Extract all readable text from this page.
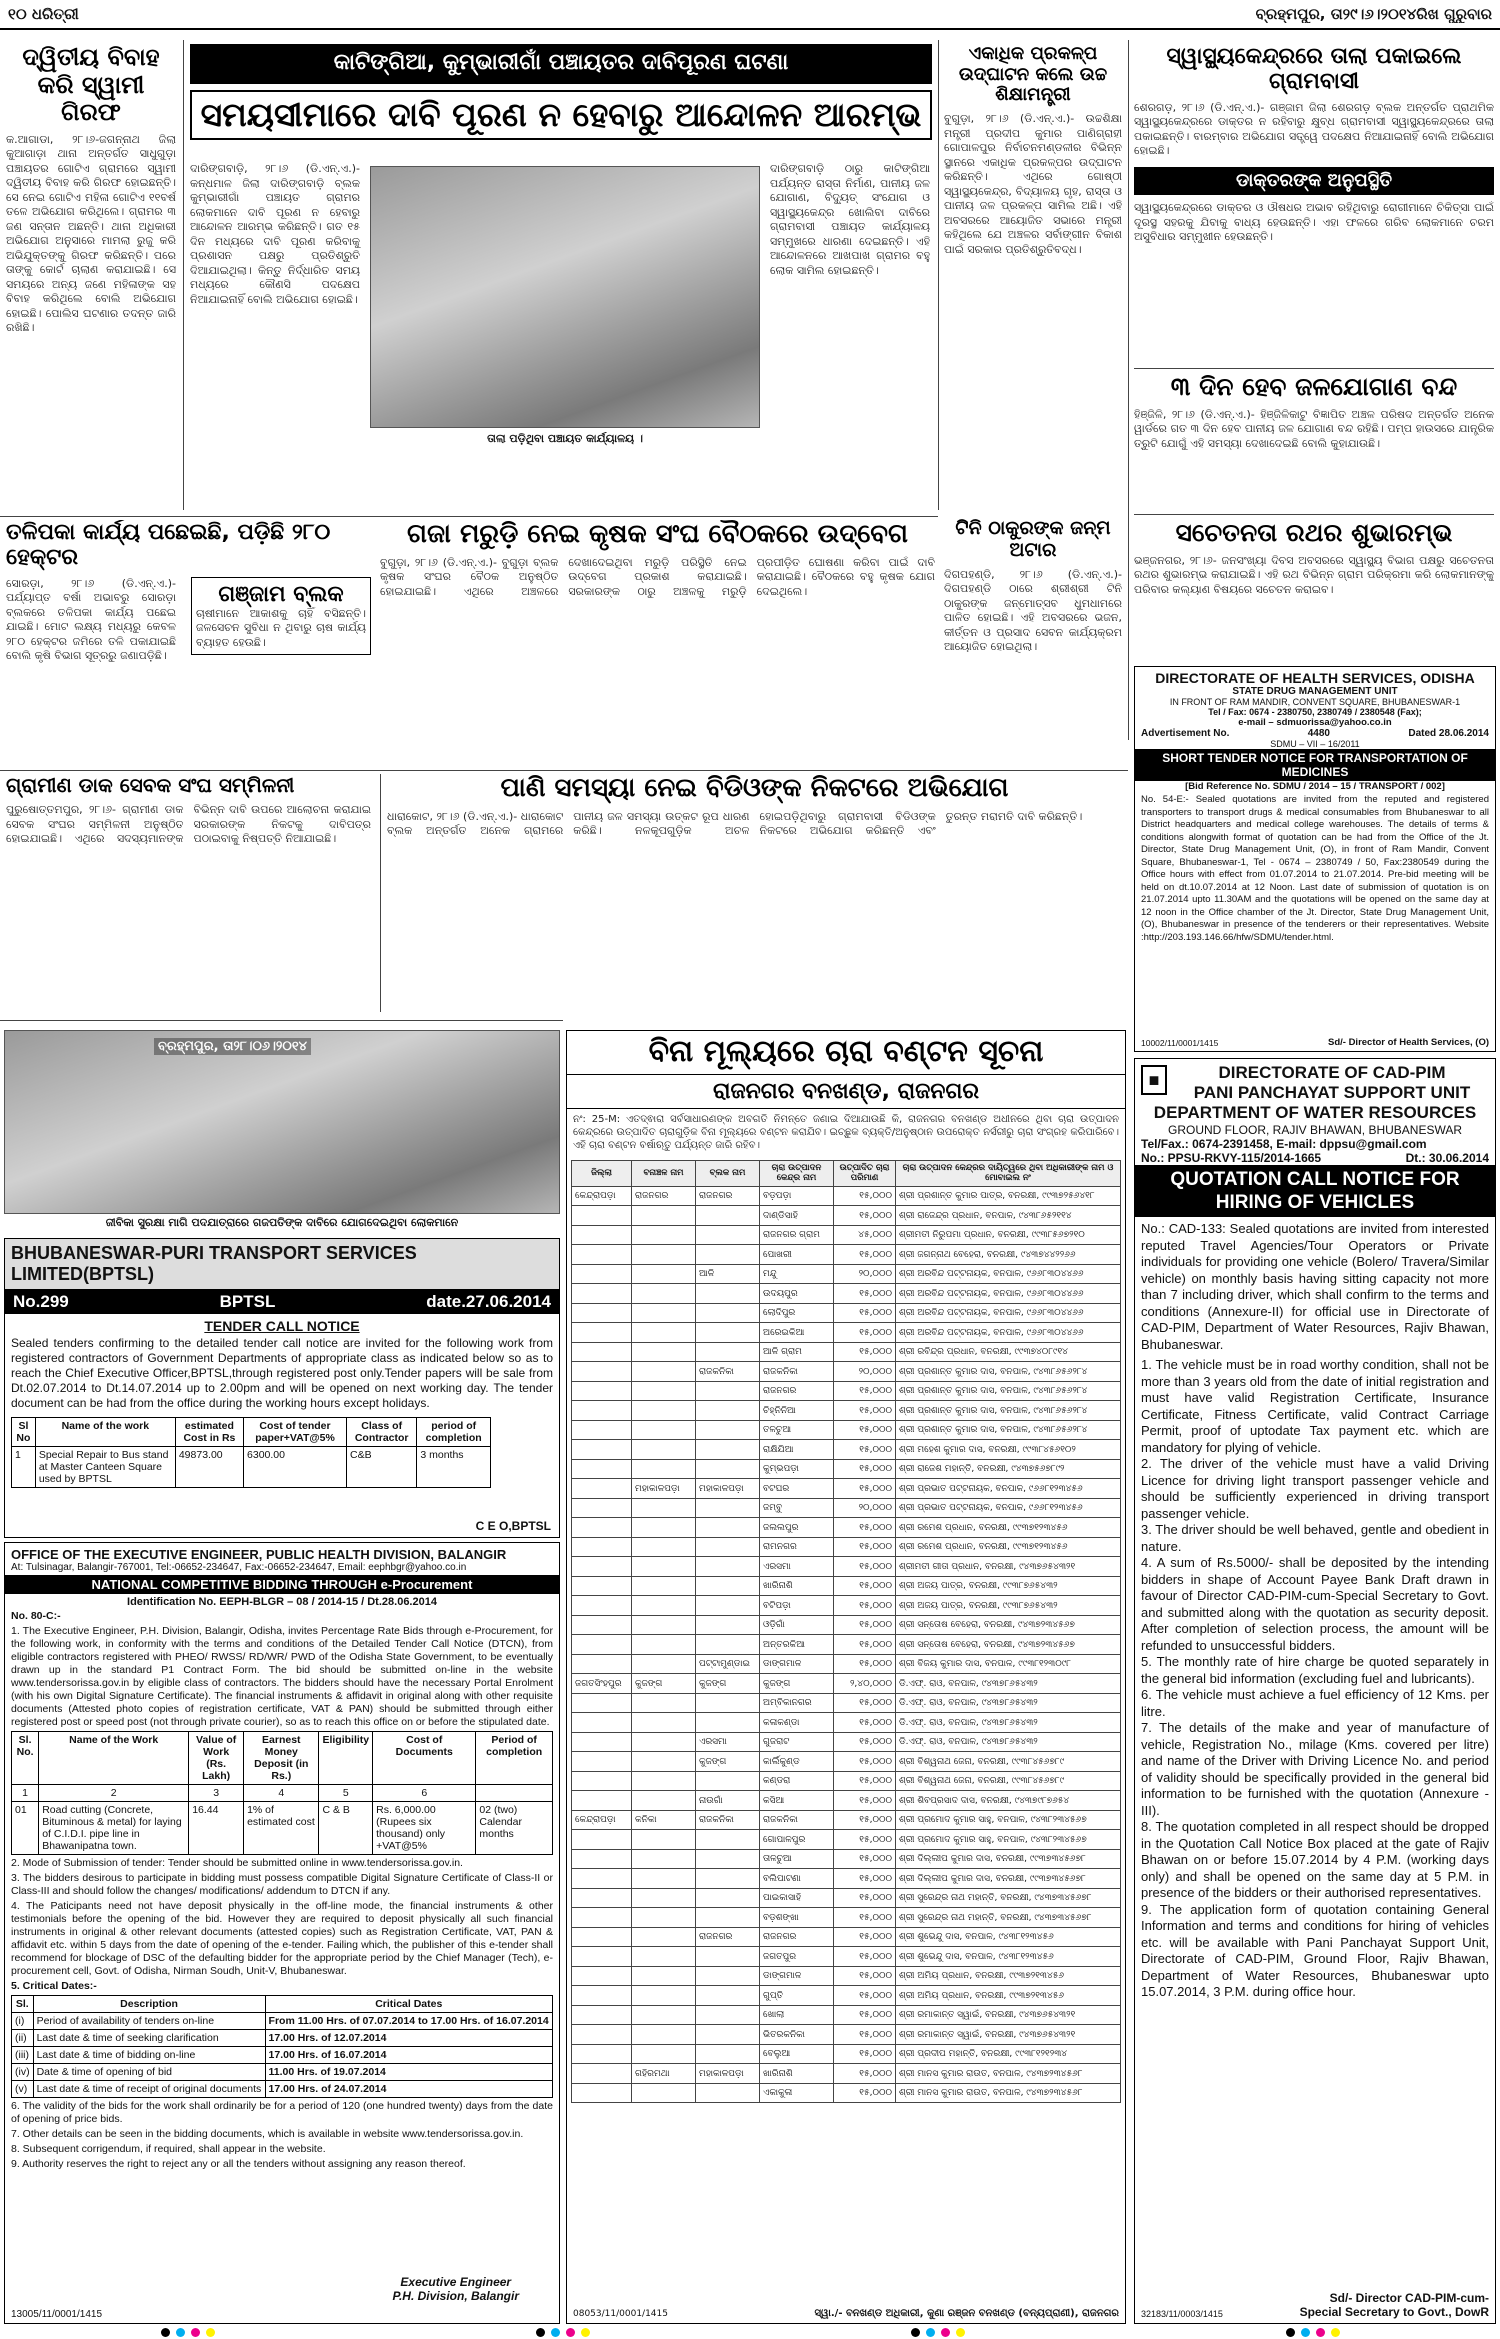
୧୦ ଧରିତ୍ରୀ	ବ୍ରହ୍ମପୁର, ତା୨୯।୬।୨୦୧୪ରିଖ ଗୁରୁବାର
ଦ୍ୱିତୀୟ ବିବାହ କରି ସ୍ୱାମୀ ଗିରଫ
କ.ଆଗାଡା, ୨୮।୬-ଜଗନ୍ନାଥ ଜିଲା କୁଆଗାଡ଼ା ଥାନା ଅନ୍ତର୍ଗତ ସାଧୁଗୁଡ଼ା ପଞ୍ଚାୟତର ଗୋଟିଏ ଗ୍ରାମରେ ସ୍ୱାମୀ ଦ୍ୱିତୀୟ ବିବାହ କରି ଗିରଫ ହୋଇଛନ୍ତି। ସେ ନେଇ ଗୋଟିଏ ମହିଳା ଗୋଟିଏ ୧୧ବର୍ଷ ତଳେ ଅଭିଯୋଗ କରିଥିଲେ। ଗ୍ରାମର ୩ ଜଣ ସନ୍ତାନ ଅଛନ୍ତି। ଥାନା ଅଧିକାରୀ ଅଭିଯୋଗ ଅନୁସାରେ ମାମଲା ରୁଜୁ କରି ଅଭିଯୁକ୍ତଙ୍କୁ ଗିରଫ କରିଛନ୍ତି। ପରେ ତାଙ୍କୁ କୋର୍ଟ ଚାଲାଣ କରାଯାଇଛି। ସେ ସମୟରେ ଅନ୍ୟ ଜଣେ ମହିଳାଙ୍କ ସହ ବିବାହ କରିଥିଲେ ବୋଲି ଅଭିଯୋଗ ହୋଇଛି। ପୋଲିସ ଘଟଣାର ତଦନ୍ତ ଜାରି ରଖିଛି।
କାଟିଙ୍ଗିଆ, କୁମ୍ଭାରୀଗାଁ ପଞ୍ଚାୟତର ଦାବିପୂରଣ ଘଟଣା
ସମୟସୀମାରେ ଦାବି ପୂରଣ ନ ହେବାରୁ ଆନ୍ଦୋଳନ ଆରମ୍ଭ
ଦାରିଙ୍ଗବାଡ଼ି, ୨୮।୬ (ଡି.ଏନ୍.ଏ.)- କନ୍ଧମାଳ ଜିଲା ଦାରିଙ୍ଗବାଡ଼ି ବ୍ଲକ କୁମ୍ଭାରୀଗାଁ ପଞ୍ଚାୟତ ଗ୍ରାମର ଲୋକମାନେ ଦାବି ପୂରଣ ନ ହେବାରୁ ଆନ୍ଦୋଳନ ଆରମ୍ଭ କରିଛନ୍ତି। ଗତ ୧୫ ଦିନ ମଧ୍ୟରେ ଦାବି ପୂରଣ କରିବାକୁ ପ୍ରଶାସନ ପକ୍ଷରୁ ପ୍ରତିଶ୍ରୁତି ଦିଆଯାଇଥିଲା। କିନ୍ତୁ ନିର୍ଦ୍ଧାରିତ ସମୟ ମଧ୍ୟରେ କୌଣସି ପଦକ୍ଷେପ ନିଆଯାଇନାହିଁ ବୋଲି ଅଭିଯୋଗ ହୋଇଛି।
ତାଲା ପଡ଼ିଥିବା ପଞ୍ଚାୟତ କାର୍ଯ୍ୟାଳୟ ।
ଦାରିଙ୍ଗବାଡ଼ି ଠାରୁ କାଟିଙ୍ଗିଆ ପର୍ଯ୍ୟନ୍ତ ରାସ୍ତା ନିର୍ମାଣ, ପାନୀୟ ଜଳ ଯୋଗାଣ, ବିଦ୍ୟୁତ୍ ସଂଯୋଗ ଓ ସ୍ୱାସ୍ଥ୍ୟକେନ୍ଦ୍ର ଖୋଲିବା ଦାବିରେ ଗ୍ରାମବାସୀ ପଞ୍ଚାୟତ କାର୍ଯ୍ୟାଳୟ ସମ୍ମୁଖରେ ଧାରଣା ଦେଇଛନ୍ତି। ଏହି ଆନ୍ଦୋଳନରେ ଆଖପାଖ ଗ୍ରାମର ବହୁ ଲୋକ ସାମିଲ ହୋଇଛନ୍ତି।
ଏକାଧିକ ପ୍ରକଳ୍ପ ଉଦ୍‌ଘାଟନ କଲେ ଉଚ୍ଚ ଶିକ୍ଷାମନ୍ତ୍ରୀ
ବୁଗୁଡ଼ା, ୨୮।୬ (ଡି.ଏନ୍.ଏ.)- ଉଚ୍ଚଶିକ୍ଷା ମନ୍ତ୍ରୀ ପ୍ରଦୀପ କୁମାର ପାଣିଗ୍ରାହୀ ଗୋପାଳପୁର ନିର୍ବାଚନମଣ୍ଡଳୀର ବିଭିନ୍ନ ସ୍ଥାନରେ ଏକାଧିକ ପ୍ରକଳ୍ପର ଉଦ୍‌ଘାଟନ କରିଛନ୍ତି। ଏଥିରେ ଗୋଷ୍ଠୀ ସ୍ୱାସ୍ଥ୍ୟକେନ୍ଦ୍ର, ବିଦ୍ୟାଳୟ ଗୃହ, ରାସ୍ତା ଓ ପାନୀୟ ଜଳ ପ୍ରକଳ୍ପ ସାମିଲ ଅଛି। ଏହି ଅବସରରେ ଆୟୋଜିତ ସଭାରେ ମନ୍ତ୍ରୀ କହିଥିଲେ ଯେ ଅଞ୍ଚଳର ସର୍ବାଙ୍ଗୀନ ବିକାଶ ପାଇଁ ସରକାର ପ୍ରତିଶ୍ରୁତିବଦ୍ଧ।
ଟିନି ଠାକୁରଙ୍କ ଜନ୍ମ ଅଟାର
ଦିଗପହଣ୍ଡି, ୨୮।୬ (ଡି.ଏନ୍.ଏ.)- ଦିଗପହଣ୍ଡି ଠାରେ ଶ୍ରୀଶ୍ରୀ ଟିନି ଠାକୁରଙ୍କ ଜନ୍ମୋତ୍ସବ ଧୁମଧାମରେ ପାଳିତ ହୋଇଛି। ଏହି ଅବସରରେ ଭଜନ, କୀର୍ତ୍ତନ ଓ ପ୍ରସାଦ ସେବନ କାର୍ଯ୍ୟକ୍ରମ ଆୟୋଜିତ ହୋଇଥିଲା।
ସ୍ୱାସ୍ଥ୍ୟକେନ୍ଦ୍ରରେ ତାଲା ପକାଇଲେ ଗ୍ରାମବାସୀ
ଶେରଗଡ଼, ୨୮।୬ (ଡି.ଏନ୍.ଏ.)- ଗଞ୍ଜାମ ଜିଲା ଶେରଗଡ଼ ବ୍ଲକ ଅନ୍ତର୍ଗତ ପ୍ରାଥମିକ ସ୍ୱାସ୍ଥ୍ୟକେନ୍ଦ୍ରରେ ଡାକ୍ତର ନ ରହିବାରୁ କ୍ଷୁବ୍ଧ ଗ୍ରାମବାସୀ ସ୍ୱାସ୍ଥ୍ୟକେନ୍ଦ୍ରରେ ତାଲା ପକାଇଛନ୍ତି। ବାରମ୍ବାର ଅଭିଯୋଗ ସତ୍ତ୍ୱେ ପଦକ୍ଷେପ ନିଆଯାଇନାହିଁ ବୋଲି ଅଭିଯୋଗ ହୋଇଛି।
ଡାକ୍ତରଙ୍କ ଅନୁପସ୍ଥିତି
ସ୍ୱାସ୍ଥ୍ୟକେନ୍ଦ୍ରରେ ଡାକ୍ତର ଓ ଔଷଧର ଅଭାବ ରହିଥିବାରୁ ରୋଗୀମାନେ ଚିକିତ୍ସା ପାଇଁ ଦୂରସ୍ଥ ସହରକୁ ଯିବାକୁ ବାଧ୍ୟ ହେଉଛନ୍ତି। ଏହା ଫଳରେ ଗରିବ ଲୋକମାନେ ଚରମ ଅସୁବିଧାର ସମ୍ମୁଖୀନ ହେଉଛନ୍ତି।
୩ ଦିନ ହେବ ଜଳଯୋଗାଣ ବନ୍ଦ
ହିଞ୍ଜିଳି, ୨୮।୬ (ଡି.ଏନ୍.ଏ.)- ହିଞ୍ଜିଳିକାଟୁ ବିଜ୍ଞାପିତ ଅଞ୍ଚଳ ପରିଷଦ ଅନ୍ତର୍ଗତ ଅନେକ ୱାର୍ଡରେ ଗତ ୩ ଦିନ ହେବ ପାନୀୟ ଜଳ ଯୋଗାଣ ବନ୍ଦ ରହିଛି। ପମ୍ପ ହାଉସରେ ଯାନ୍ତ୍ରିକ ତ୍ରୁଟି ଯୋଗୁଁ ଏହି ସମସ୍ୟା ଦେଖାଦେଇଛି ବୋଲି କୁହାଯାଉଛି।
ସଚେତନତା ରଥର ଶୁଭାରମ୍ଭ
ଭଞ୍ଜନଗର, ୨୮।୬- ଜନସଂଖ୍ୟା ଦିବସ ଅବସରରେ ସ୍ୱାସ୍ଥ୍ୟ ବିଭାଗ ପକ୍ଷରୁ ସଚେତନତା ରଥର ଶୁଭାରମ୍ଭ କରାଯାଇଛି। ଏହି ରଥ ବିଭିନ୍ନ ଗ୍ରାମ ପରିକ୍ରମା କରି ଲୋକମାନଙ୍କୁ ପରିବାର କଲ୍ୟାଣ ବିଷୟରେ ସଚେତନ କରାଇବ।
ତଳିପକା କାର୍ଯ୍ୟ ପଛେଇଛି, ପଡ଼ିଛି ୨୮୦ ହେକ୍ଟର
ସୋରଡ଼ା, ୨୮।୬ (ଡି.ଏନ୍.ଏ.)- ପର୍ଯ୍ୟାପ୍ତ ବର୍ଷା ଅଭାବରୁ ସୋରଡ଼ା ବ୍ଲକରେ ତଳିପକା କାର୍ଯ୍ୟ ପଛେଇ ଯାଇଛି। ମୋଟ ଲକ୍ଷ୍ୟ ମଧ୍ୟରୁ କେବଳ ୨୮୦ ହେକ୍ଟର ଜମିରେ ତଳି ପକାଯାଇଛି ବୋଲି କୃଷି ବିଭାଗ ସୂତ୍ରରୁ ଜଣାପଡ଼ିଛି।
ଗଞ୍ଜାମ ବ୍ଲକ
ଚାଷୀମାନେ ଆକାଶକୁ ଚାହିଁ ବସିଛନ୍ତି। ଜଳସେଚନ ସୁବିଧା ନ ଥିବାରୁ ଚାଷ କାର୍ଯ୍ୟ ବ୍ୟାହତ ହେଉଛି।
ଗଜା ମରୁଡ଼ି ନେଇ କୃଷକ ସଂଘ ବୈଠକରେ ଉଦ୍‌ବେଗ
ବୁଗୁଡ଼ା, ୨୮।୬ (ଡି.ଏନ୍.ଏ.)- ବୁଗୁଡ଼ା ବ୍ଲକ କୃଷକ ସଂଘର ବୈଠକ ଅନୁଷ୍ଠିତ ହୋଇଯାଇଛି। ଏଥିରେ ଅଞ୍ଚଳରେ ଦେଖାଦେଇଥିବା ମରୁଡ଼ି ପରିସ୍ଥିତି ନେଇ ଉଦ୍‌ବେଗ ପ୍ରକାଶ କରାଯାଇଛି। ସରକାରଙ୍କ ଠାରୁ ଅଞ୍ଚଳକୁ ମରୁଡ଼ି ପ୍ରପୀଡ଼ିତ ଘୋଷଣା କରିବା ପାଇଁ ଦାବି କରାଯାଇଛି। ବୈଠକରେ ବହୁ କୃଷକ ଯୋଗ ଦେଇଥିଲେ।
ଗ୍ରାମୀଣ ଡାକ ସେବକ ସଂଘ ସମ୍ମିଳନୀ
ପୁରୁଷୋତ୍ତମପୁର, ୨୮।୬- ଗ୍ରାମୀଣ ଡାକ ସେବକ ସଂଘର ସମ୍ମିଳନୀ ଅନୁଷ୍ଠିତ ହୋଇଯାଇଛି। ଏଥିରେ ସଦସ୍ୟମାନଙ୍କ ବିଭିନ୍ନ ଦାବି ଉପରେ ଆଲୋଚନା କରାଯାଇ ସରକାରଙ୍କ ନିକଟକୁ ଦାବିପତ୍ର ପଠାଇବାକୁ ନିଷ୍ପତ୍ତି ନିଆଯାଇଛି।
ପାଣି ସମସ୍ୟା ନେଇ ବିଡିଓଙ୍କ ନିକଟରେ ଅଭିଯୋଗ
ଧାରାକୋଟ, ୨୮।୬ (ଡି.ଏନ୍.ଏ.)- ଧାରାକୋଟ ବ୍ଲକ ଅନ୍ତର୍ଗତ ଅନେକ ଗ୍ରାମରେ ପାନୀୟ ଜଳ ସମସ୍ୟା ଉତ୍କଟ ରୂପ ଧାରଣ କରିଛି। ନଳକୂପଗୁଡ଼ିକ ଅଚଳ ହୋଇପଡ଼ିଥିବାରୁ ଗ୍ରାମବାସୀ ବିଡିଓଙ୍କ ନିକଟରେ ଅଭିଯୋଗ କରିଛନ୍ତି ଏବଂ ତୁରନ୍ତ ମରାମତି ଦାବି କରିଛନ୍ତି।
ବ୍ରହ୍ମପୁର, ତା୨୮।୦୬।୨୦୧୪
ଜୀବିକା ସୁରକ୍ଷା ମାଗି ପଦଯାତ୍ରାରେ ଗଜପତିଙ୍କ ଦାବିରେ ଯୋଗଦେଇଥିବା ଲୋକମାନେ
BHUBANESWAR-PURI TRANSPORT SERVICES LIMITED(BPTSL)
No.299	BPTSL	date.27.06.2014
TENDER CALL NOTICE
Sealed tenders confirming to the detailed tender call notice are invited for the following work from registered contractors of Government Departments of appropriate class as indicated below so as to reach the Chief Executive Officer,BPTSL,through registered post only.Tender papers will be sale from Dt.02.07.2014 to Dt.14.07.2014 up to 2.00pm and will be opened on next working day. The tender document can be had from the office during the working hours except holidays.
Sl No	Name of the work	estimated Cost in Rs	Cost of tender paper+VAT@5%	Class of Contractor	period of completion
1	Special Repair to Bus stand at Master Canteen Square used by BPTSL	49873.00	6300.00	C&B	3 months
C E O,BPTSL
OFFICE OF THE EXECUTIVE ENGINEER, PUBLIC HEALTH DIVISION, BALANGIR
At: Tulsinagar, Balangir-767001, Tel:-06652-234647, Fax:-06652-234647, Email: eephbgr@yahoo.co.in
NATIONAL COMPETITIVE BIDDING THROUGH e-Procurement
Identification No. EEPH-BLGR – 08 / 2014-15 / Dt.28.06.2014

No. 80-C:-

1. The Executive Engineer, P.H. Division, Balangir, Odisha, invites Percentage Rate Bids through e-Procurement, for the following work, in conformity with the terms and conditions of the Detailed Tender Call Notice (DTCN), from eligible contractors registered with PHEO/ RWSS/ RD/WR/ PWD of the Odisha State Government, to be eventually drawn up in the standard P1 Contract Form. The bid should be submitted on-line in the website www.tendersorissa.gov.in by eligible class of contractors. The bidders should have the necessary Portal Enrolment (with his own Digital Signature Certificate). The financial instruments & affidavit in original along with other requisite documents (Attested photo copies of registration certificate, VAT & PAN) should be submitted through either registered post or speed post (not through private courier), so as to reach this office on or before the stipulated date.

Sl. No.	Name of the Work	Value of Work (Rs. Lakh)	Earnest Money Deposit (in Rs.)	Eligibility	Cost of Documents	Period of completion
1	2	3	4	5	6	
01	Road cutting (Concrete, Bituminous & metal) for laying of C.I.D.I. pipe line in Bhawanipatna town.	16.44	1% of estimated cost	C & B	Rs. 6,000.00 (Rupees six thousand) only +VAT@5%	02 (two) Calendar months

2. Mode of Submission of tender: Tender should be submitted online in www.tendersorissa.gov.in.

3. The bidders desirous to participate in bidding must possess compatible Digital Signature Certificate of Class-II or Class-III and should follow the changes/ modifications/ addendum to DTCN if any.

4. The Paticipants need not have deposit physically in the off-line mode, the financial instruments & other testimonials before the opening of the bid. However they are required to deposit physically all such financial instruments in original & other relevant documents (attested copies) such as Registration Certificate, VAT, PAN & affidavit etc. within 5 days from the date of opening of the e-tender. Failing which, the publisher of this e-tender shall recommend for blockage of DSC of the defaulting bidder for the appropriate period by the Chief Manager (Tech), e-procurement cell, Govt. of Odisha, Nirman Soudh, Unit-V, Bhubaneswar.

5. Critical Dates:-

Sl.	Description	Critical Dates
(i)	Period of availability of tenders on-line	From 11.00 Hrs. of 07.07.2014 to 17.00 Hrs. of 16.07.2014
(ii)	Last date & time of seeking clarification	17.00 Hrs. of 12.07.2014
(iii)	Last date & time of bidding on-line	17.00 Hrs. of 16.07.2014
(iv)	Date & time of opening of bid	11.00 Hrs. of 19.07.2014
(v)	Last date & time of receipt of original documents	17.00 Hrs. of 24.07.2014

6. The validity of the bids for the work shall ordinarily be for a period of 120 (one hundred twenty) days from the date of opening of price bids.

7. Other details can be seen in the bidding documents, which is available in website www.tendersorissa.gov.in.

8. Subsequent corrigendum, if required, shall appear in the website.

9. Authority reserves the right to reject any or all the tenders without assigning any reason thereof.

Executive Engineer
P.H. Division, Balangir
13005/11/0001/1415
ବିନା ମୂଲ୍ୟରେ ଚାରା ବଣ୍ଟନ ସୂଚନା
ରାଜନଗର ବନଖଣ୍ଡ, ରାଜନଗର
ନଂ: 25-M: ଏତଦ୍ଵାରା ସର୍ବସାଧାରଣଙ୍କ ଅବଗତି ନିମନ୍ତେ ଜଣାଇ ଦିଆଯାଉଛି କି, ରାଜନଗର ବନଖଣ୍ଡ ଅଧୀନରେ ଥିବା ଚାରା ଉତ୍ପାଦନ କେନ୍ଦ୍ରରେ ଉତ୍ପାଦିତ ଚାରାଗୁଡ଼ିକ ବିନା ମୂଲ୍ୟରେ ବଣ୍ଟନ କରାଯିବ। ଇଚ୍ଛୁକ ବ୍ୟକ୍ତି/ଅନୁଷ୍ଠାନ ଉପରୋକ୍ତ ନର୍ସରୀରୁ ଚାରା ସଂଗ୍ରହ କରିପାରିବେ। ଏହି ଚାରା ବଣ୍ଟନ ବର୍ଷାଋତୁ ପର୍ଯ୍ୟନ୍ତ ଜାରି ରହିବ।
ଜିଲ୍ଲା	ବନାଞ୍ଚଳ ନାମ	ବ୍ଲକ ନାମ	ଚାରା ଉତ୍ପାଦନ କେନ୍ଦ୍ର ନାମ	ଉତ୍ପାଦିତ ଚାରା ପରିମାଣ	ଚାରା ଉତ୍ପାଦନ କେନ୍ଦ୍ରର ଦାୟିତ୍ୱରେ ଥିବା ଅଧିକାରୀଙ୍କ ନାମ ଓ ମୋବାଇଲ ନଂ
କେନ୍ଦ୍ରାପଡ଼ା	ରାଜନଗର	ରାଜନଗର	ବଡ଼ପଡ଼ା	୧୫,୦୦୦	ଶ୍ରୀ ପ୍ରଶାନ୍ତ କୁମାର ପାତ୍ର, ବନରକ୍ଷୀ, ୯୯୩୭୨୫୬୪୧୮
			ଦାଣ୍ଡିସାହି	୧୫,୦୦୦	ଶ୍ରୀ ରାଜେନ୍ଦ୍ର ପ୍ରଧାନ, ବନପାଳ, ୯୪୩୮୬୫୨୧୧୪
			ରାଜନଗର ଗ୍ରାମ	୪୫,୦୦୦	ଶ୍ରୀମତୀ ନିରୁପମା ପ୍ରଧାନ, ବନରକ୍ଷୀ, ୯୯୩୮୫୬୭୨୧୦
			ପୋଖରୀ	୧୫,୦୦୦	ଶ୍ରୀ ଜଗନ୍ନାଥ ବେହେରା, ବନରକ୍ଷୀ, ୯୪୩୭୪୪୨୨୬୬
		ଆଳି	ମନ୍ଦୁ	୨୦,୦୦୦	ଶ୍ରୀ ଅରବିନ୍ଦ ପଟ୍ଟନାୟକ, ବନପାଳ, ୯୬୬୮୩୦୪୪୬୬
			ଉଦୟପୁର	୧୫,୦୦୦	ଶ୍ରୀ ଅରବିନ୍ଦ ପଟ୍ଟନାୟକ, ବନପାଳ, ୯୬୬୮୩୦୪୪୬୬
			ଲୋଦିପୁର	୧୫,୦୦୦	ଶ୍ରୀ ଅରବିନ୍ଦ ପଟ୍ଟନାୟକ, ବନପାଳ, ୯୬୬୮୩୦୪୪୬୬
			ଅରେଇକିଆ	୧୫,୦୦୦	ଶ୍ରୀ ଅରବିନ୍ଦ ପଟ୍ଟନାୟକ, ବନପାଳ, ୯୬୬୮୩୦୪୪୬୬
			ଆଳି ଗ୍ରାମ	୧୫,୦୦୦	ଶ୍ରୀ ରବିନ୍ଦ୍ର ପ୍ରଧାନ, ବନରକ୍ଷୀ, ୯୯୩୭୪୦୮୯୧୪
		ରାଜକନିକା	ରାଜକନିକା	୨୦,୦୦୦	ଶ୍ରୀ ପ୍ରଶାନ୍ତ କୁମାର ଦାସ, ବନପାଳ, ୯୪୩୮୬୫୬୨୮୪
			ରାଜନଗର	୧୫,୦୦୦	ଶ୍ରୀ ପ୍ରଶାନ୍ତ କୁମାର ଦାସ, ବନପାଳ, ୯୪୩୮୬୫୬୨୮୪
			ଚିହ୍ନିନିଆ	୧୫,୦୦୦	ଶ୍ରୀ ପ୍ରଶାନ୍ତ କୁମାର ଦାସ, ବନପାଳ, ୯୪୩୮୬୫୬୨୮୪
			ତଳଚୁଆ	୧୫,୦୦୦	ଶ୍ରୀ ପ୍ରଶାନ୍ତ କୁମାର ଦାସ, ବନପାଳ, ୯୪୩୮୬୫୬୨୮୪
			ରାକ୍ଷିଯିଆ	୧୫,୦୦୦	ଶ୍ରୀ ମହେଶ କୁମାର ଦାସ, ବନରକ୍ଷୀ, ୯୯୩୮୪୫୬୧୦୨
			କୁମ୍ଭପଡ଼ା	୧୫,୦୦୦	ଶ୍ରୀ ରାଜେଶ ମହାନ୍ତି, ବନରକ୍ଷୀ, ୯୪୩୭୫୬୭୮୯୨
	ମହାକାଳପଡ଼ା	ମହାକାଳପଡ଼ା	ବଟଘର	୧୫,୦୦୦	ଶ୍ରୀ ପ୍ରଭାତ ପଟ୍ଟନାୟକ, ବନପାଳ, ୯୬୬୮୧୨୩୪୫୬
			ଜମ୍ବୁ	୨୦,୦୦୦	ଶ୍ରୀ ପ୍ରଭାତ ପଟ୍ଟନାୟକ, ବନପାଳ, ୯୬୬୮୧୨୩୪୫୬
			ଜଲଲପୁର	୧୫,୦୦୦	ଶ୍ରୀ ରମେଶ ପ୍ରଧାନ, ବନରକ୍ଷୀ, ୯୯୩୭୧୨୩୪୫୬
			ରାମନଗର	୧୫,୦୦୦	ଶ୍ରୀ ରମେଶ ପ୍ରଧାନ, ବନରକ୍ଷୀ, ୯୯୩୭୧୨୩୪୫୬
			ଏରସମା	୧୫,୦୦୦	ଶ୍ରୀମତୀ ଗୀତା ପ୍ରଧାନ, ବନରକ୍ଷୀ, ୯୪୩୭୬୫୪୩୨୧
			ଖାରିନାଶି	୧୫,୦୦୦	ଶ୍ରୀ ଅଜୟ ପାତ୍ର, ବନରକ୍ଷୀ, ୯୯୩୮୭୬୫୪୩୨
			ବଟିପଡ଼ା	୧୫,୦୦୦	ଶ୍ରୀ ଅଜୟ ପାତ୍ର, ବନରକ୍ଷୀ, ୯୯୩୮୭୬୫୪୩୨
			ଓଡ଼ିଗାଁ	୧୫,୦୦୦	ଶ୍ରୀ ସନ୍ତୋଷ ବେହେରା, ବନରକ୍ଷୀ, ୯୪୩୭୨୩୪୫୬୭
			ଅନ୍ତରକିଆ	୧୫,୦୦୦	ଶ୍ରୀ ସନ୍ତୋଷ ବେହେରା, ବନରକ୍ଷୀ, ୯୪୩୭୨୩୪୫୬୭
		ପଟ୍ଟାମୁଣ୍ଡାଇ	ଡାଙ୍ଗମାଳ	୧୫,୦୦୦	ଶ୍ରୀ ବିଜୟ କୁମାର ଦାସ, ବନପାଳ, ୯୯୩୮୧୨୩୦୯୮
ଜଗତସିଂହପୁର	କୁଜଙ୍ଗ	କୁଜଙ୍ଗ	କୁଜଙ୍ଗ	୨,୪୦,୦୦୦	ଡି.ଏଫ୍. ରାଓ, ବନପାଳ, ୯୪୩୭୮୬୫୪୩୨
			ଅମ୍ବିକାନଗର	୧୫,୦୦୦	ଡି.ଏଫ୍. ରାଓ, ବନପାଳ, ୯୪୩୭୮୬୫୪୩୨
			କଳାକଣ୍ଡା	୧୫,୦୦୦	ଡି.ଏଫ୍. ରାଓ, ବନପାଳ, ୯୪୩୭୮୬୫୪୩୨
		ଏରସମା	ଗୁଜରାଟ	୧୫,୦୦୦	ଡି.ଏଫ୍. ରାଓ, ବନପାଳ, ୯୪୩୭୮୬୫୪୩୨
		କୁଜଙ୍ଗ	କାର୍ଲିକୁଣ୍ଡ	୧୫,୦୦୦	ଶ୍ରୀ ବିଶ୍ୱନାଥ ଜେନା, ବନରକ୍ଷୀ, ୯୯୩୮୪୫୬୭୮୯
			କଣ୍ଡରା	୧୫,୦୦୦	ଶ୍ରୀ ବିଶ୍ୱନାଥ ଜେନା, ବନରକ୍ଷୀ, ୯୯୩୮୪୫୬୭୮୯
		ନାଉଗାଁ	କସିଆ	୧୫,୦୦୦	ଶ୍ରୀ ଶିବପ୍ରସାଦ ଦାସ, ବନରକ୍ଷୀ, ୯୪୩୭୯୮୭୬୫୪
କେନ୍ଦ୍ରାପଡ଼ା	କନିକା	ରାଜକନିକା	ରାଜକନିକା	୧୫,୦୦୦	ଶ୍ରୀ ପ୍ରମୋଦ କୁମାର ସାହୁ, ବନପାଳ, ୯୪୩୮୨୩୪୫୬୭
			ଗୋପାଳପୁର	୧୫,୦୦୦	ଶ୍ରୀ ପ୍ରମୋଦ କୁମାର ସାହୁ, ବନପାଳ, ୯୪୩୮୨୩୪୫୬୭
			ତାଳଚୁଆ	୧୫,୦୦୦	ଶ୍ରୀ ଦିଲ୍ଲୀପ କୁମାର ଦାସ, ବନରକ୍ଷୀ, ୯୯୩୭୩୪୫୬୭୮
			ବଲିପାଟଣା	୧୫,୦୦୦	ଶ୍ରୀ ଦିଲ୍ଲୀପ କୁମାର ଦାସ, ବନରକ୍ଷୀ, ୯୯୩୭୩୪୫୬୭୮
			ପାଇକାସାହି	୧୫,୦୦୦	ଶ୍ରୀ ସୁରେନ୍ଦ୍ର ନାଥ ମହାନ୍ତି, ବନରକ୍ଷୀ, ୯୪୩୭୩୪୫୬୭୮
			ବଡ଼ଶଙ୍ଖା	୧୫,୦୦୦	ଶ୍ରୀ ସୁରେନ୍ଦ୍ର ନାଥ ମହାନ୍ତି, ବନରକ୍ଷୀ, ୯୪୩୭୩୪୫୬୭୮
		ରାଜନଗର	ରାଜନଗର	୧୫,୦୦୦	ଶ୍ରୀ ଶୁଭେନ୍ଦୁ ଦାସ, ବନପାଳ, ୯୪୩୮୧୨୩୪୫୬
			ଜଗତପୁର	୧୫,୦୦୦	ଶ୍ରୀ ଶୁଭେନ୍ଦୁ ଦାସ, ବନପାଳ, ୯୪୩୮୧୨୩୪୫୬
			ଡାଙ୍ଗମାଳ	୧୫,୦୦୦	ଶ୍ରୀ ଅମିୟ ପ୍ରଧାନ, ବନରକ୍ଷୀ, ୯୯୩୭୨୧୩୪୫୬
			ଗୁପ୍ତି	୧୫,୦୦୦	ଶ୍ରୀ ଅମିୟ ପ୍ରଧାନ, ବନରକ୍ଷୀ, ୯୯୩୭୨୧୩୪୫୬
			ଖୋଲା	୧୫,୦୦୦	ଶ୍ରୀ ରମାକାନ୍ତ ସ୍ୱାଇଁ, ବନରକ୍ଷୀ, ୯୪୩୭୬୫୪୩୨୧
			ଭିତରକନିକା	୧୫,୦୦୦	ଶ୍ରୀ ରମାକାନ୍ତ ସ୍ୱାଇଁ, ବନରକ୍ଷୀ, ୯୪୩୭୬୫୪୩୨୧
			ବେଲୁଆ	୧୫,୦୦୦	ଶ୍ରୀ ପ୍ରଦୀପ ମହାନ୍ତି, ବନରକ୍ଷୀ, ୯୯୩୮୧୨୧୨୩୪
	ଗହିରମଥା	ମହାକାଳପଡ଼ା	ଖାରିନାଶି	୧୫,୦୦୦	ଶ୍ରୀ ମାନସ କୁମାର ରାଉତ, ବନପାଳ, ୯୪୩୭୨୩୪୫୬୮
			ଏକାକୁଳା	୧୫,୦୦୦	ଶ୍ରୀ ମାନସ କୁମାର ରାଉତ, ବନପାଳ, ୯୪୩୭୨୩୪୫୬୮
ସ୍ୱା./- ବନଖଣ୍ଡ ଅଧିକାରୀ, କୁଣା ରଞ୍ଜନ ବନଖଣ୍ଡ (ବନ୍ୟପ୍ରାଣୀ), ରାଜନଗର
08053/11/0001/1415
DIRECTORATE OF HEALTH SERVICES, ODISHA
STATE DRUG MANAGEMENT UNIT
IN FRONT OF RAM MANDIR, CONVENT SQUARE, BHUBANESWAR-1
Tel / Fax: 0674 - 2380750, 2380749 / 2380548 (Fax);
e-mail – sdmuorissa@yahoo.co.in
Advertisement No.	4480	Dated 28.06.2014
SDMU – VII – 16/2011
SHORT TENDER NOTICE FOR TRANSPORTATION OF MEDICINES
[Bid Reference No. SDMU / 2014 – 15 / TRANSPORT / 002]
No. 54-E:- Sealed quotations are invited from the reputed and registered transporters to transport drugs & medical consumables from Bhubaneswar to all District headquarters and medical college warehouses. The details of terms & conditions alongwith format of quotation can be had from the Office of the Jt. Director, State Drug Management Unit, (O), in front of Ram Mandir, Convent Square, Bhubaneswar-1, Tel - 0674 – 2380749 / 50, Fax:2380549 during the Office hours with effect from 01.07.2014 to 21.07.2014. Pre-bid meeting will be held on dt.10.07.2014 at 12 Noon. Last date of submission of quotation is on 21.07.2014 upto 11.30AM and the quotations will be opened on the same day at 12 noon in the Office chamber of the Jt. Director, State Drug Management Unit, (O), Bhubaneswar in presence of the tenderers or their representatives. Website :http://203.193.146.66/hfw/SDMU/tender.html.
10002/11/0001/1415	Sd/- Director of Health Services, (O)
■	DIRECTORATE OF CAD-PIM
PANI PANCHAYAT SUPPORT UNIT
DEPARTMENT OF WATER RESOURCES
GROUND FLOOR, RAJIV BHAWAN, BHUBANESWAR
Tel/Fax.: 0674-2391458, E-mail: dppsu@gmail.com
No.: PPSU-RKVY-115/2014-1665	Dt.: 30.06.2014
QUOTATION CALL NOTICE FOR HIRING OF VEHICLES
No.: CAD-133: Sealed quotations are invited from interested reputed Travel Agencies/Tour Operators or Private individuals for providing one vehicle (Bolero/ Travera/Similar vehicle) on monthly basis having sitting capacity not more than 7 including driver, which shall confirm to the terms and conditions (Annexure-II) for official use in Directorate of CAD-PIM, Department of Water Resources, Rajiv Bhawan, Bhubaneswar.

1. The vehicle must be in road worthy condition, shall not be more than 3 years old from the date of initial registration and must have valid Registration Certificate, Insurance Certificate, Fitness Certificate, valid Contract Carriage Permit, proof of uptodate Tax payment etc. which are mandatory for plying of vehicle.

2. The driver of the vehicle must have a valid Driving Licence for driving light transport passenger vehicle and should be sufficiently experienced in driving transport passenger vehicle.

3. The driver should be well behaved, gentle and obedient in nature.

4. A sum of Rs.5000/- shall be deposited by the intending bidders in shape of Account Payee Bank Draft drawn in favour of Director CAD-PIM-cum-Special Secretary to Govt. and submitted along with the quotation as security deposit. After completion of selection process, the amount will be refunded to unsuccessful bidders.

5. The monthly rate of hire charge be quoted separately in the general bid information (excluding fuel and lubricants).

6. The vehicle must achieve a fuel efficiency of 12 Kms. per litre.

7. The details of the make and year of manufacture of vehicle, Registration No., milage (Kms. covered per litre) and name of the Driver with Driving Licence No. and period of validity should be specifically provided in the general bid information to be furnished with the quotation (Annexure - III).

8. The quotation completed in all respect should be dropped in the Quotation Call Notice Box placed at the gate of Rajiv Bhawan on or before 15.07.2014 by 4 P.M. (working days only) and shall be opened on the same day at 5 P.M. in presence of the bidders or their authorised representatives.

9. The application form of quotation containing General Information and terms and conditions for hiring of vehicles etc. will be available with Pani Panchayat Support Unit, Directorate of CAD-PIM, Ground Floor, Rajiv Bhawan, Department of Water Resources, Bhubaneswar upto 15.07.2014, 3 P.M. during office hour.

Sd/- Director CAD-PIM-cum-
Special Secretary to Govt., DowR
32183/11/0003/1415
